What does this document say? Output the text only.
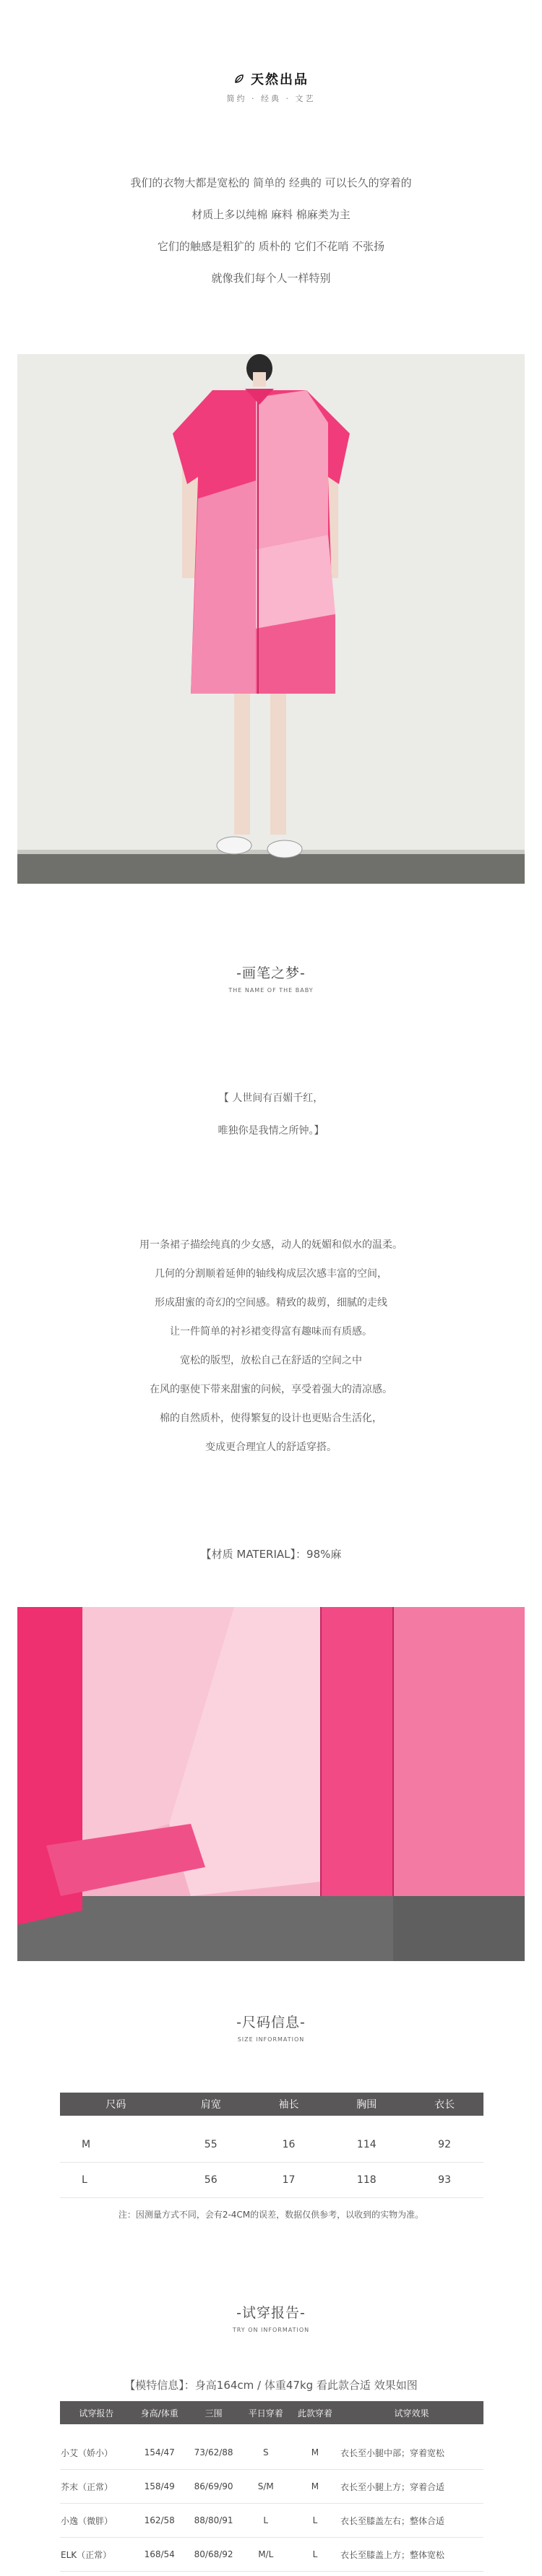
天然出品
简约 · 经典 · 文艺

我们的衣物大都是宽松的 简单的 经典的 可以长久的穿着的

材质上多以纯棉 麻料 棉麻类为主

它们的触感是粗犷的 质朴的 它们不花哨 不张扬

就像我们每个人一样特别

-画笔之梦-
THE NAME OF THE BABY

【 人世间有百媚千红，

唯独你是我情之所钟。】

用一条裙子描绘纯真的少女感，动人的妩媚和似水的温柔。

几何的分割顺着延伸的轴线构成层次感丰富的空间，

形成甜蜜的奇幻的空间感。精致的裁剪，细腻的走线

让一件简单的衬衫裙变得富有趣味而有质感。

宽松的版型，放松自己在舒适的空间之中

在风的驱使下带来甜蜜的问候，享受着强大的清凉感。

棉的自然质朴，使得繁复的设计也更贴合生活化，

变成更合理宜人的舒适穿搭。

【材质 MATERIAL】：98%麻
-尺码信息-
SIZE INFORMATION
尺码	肩宽	袖长	胸围	衣长

M	55	16	114	92
L	56	17	118	93
注：因测量方式不同，会有2-4CM的误差，数据仅供参考，以收到的实物为准。
-试穿报告-
TRY ON INFORMATION
【模特信息】：身高164cm / 体重47kg 看此款合适 效果如图
试穿报告	身高/体重	三围	平日穿着	此款穿着	试穿效果

小艾（娇小）	154/47	73/62/88	S	M	衣长至小腿中部；穿着宽松
芥末（正常）	158/49	86/69/90	S/M	M	衣长至小腿上方；穿着合适
小逸（微胖）	162/58	88/80/91	L	L	衣长至膝盖左右；整体合适
ELK（正常）	168/54	80/68/92	M/L	L	衣长至膝盖上方；整体宽松
